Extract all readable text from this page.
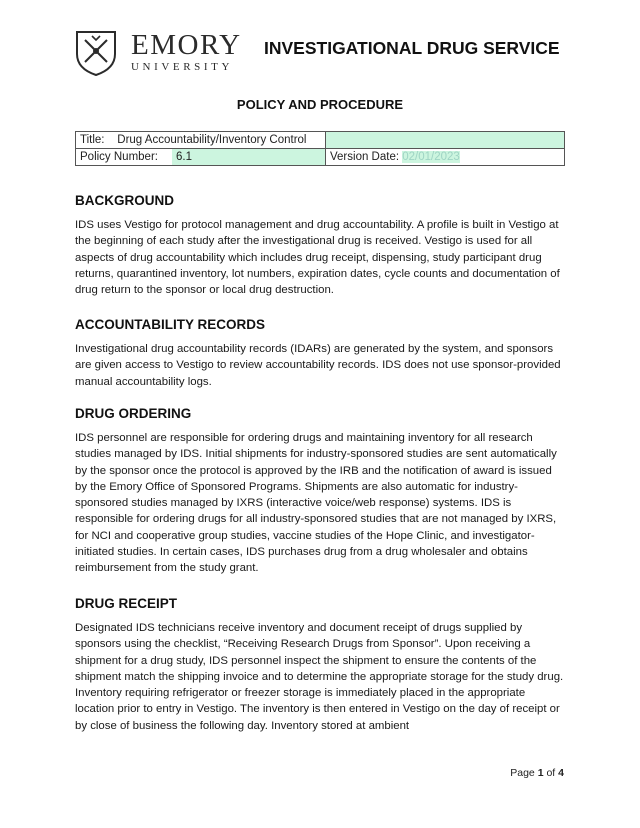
EMORY
UNIVERSITY
INVESTIGATIONAL DRUG SERVICE
POLICY AND PROCEDURE
Title: Drug Accountability/Inventory Control		
Policy Number:	6.1	Version Date: 02/01/2023
BACKGROUND

IDS uses Vestigo for protocol management and drug accountability. A profile is built in Vestigo at the beginning of each study after the investigational drug is received. Vestigo is used for all aspects of drug accountability which includes drug receipt, dispensing, study participant drug returns, quarantined inventory, lot numbers, expiration dates, cycle counts and documentation of drug return to the sponsor or local drug destruction.

ACCOUNTABILITY RECORDS

Investigational drug accountability records (IDARs) are generated by the system, and sponsors are given access to Vestigo to review accountability records. IDS does not use sponsor-provided manual accountability logs.

DRUG ORDERING

IDS personnel are responsible for ordering drugs and maintaining inventory for all research studies managed by IDS. Initial shipments for industry-sponsored studies are sent automatically by the sponsor once the protocol is approved by the IRB and the notification of award is issued by the Emory Office of Sponsored Programs. Shipments are also automatic for industry-sponsored studies managed by IXRS (interactive voice/web response) systems. IDS is responsible for ordering drugs for all industry-sponsored studies that are not managed by IXRS, for NCI and cooperative group studies, vaccine studies of the Hope Clinic, and investigator-initiated studies. In certain cases, IDS purchases drug from a drug wholesaler and obtains reimbursement from the study grant.

DRUG RECEIPT

Designated IDS technicians receive inventory and document receipt of drugs supplied by sponsors using the checklist, “Receiving Research Drugs from Sponsor”. Upon receiving a shipment for a drug study, IDS personnel inspect the shipment to ensure the contents of the shipment match the shipping invoice and to determine the appropriate storage for the study drug. Inventory requiring refrigerator or freezer storage is immediately placed in the appropriate location prior to entry in Vestigo. The inventory is then entered in Vestigo on the day of receipt or by close of business the following day. Inventory stored at ambient

Page 1 of 4
